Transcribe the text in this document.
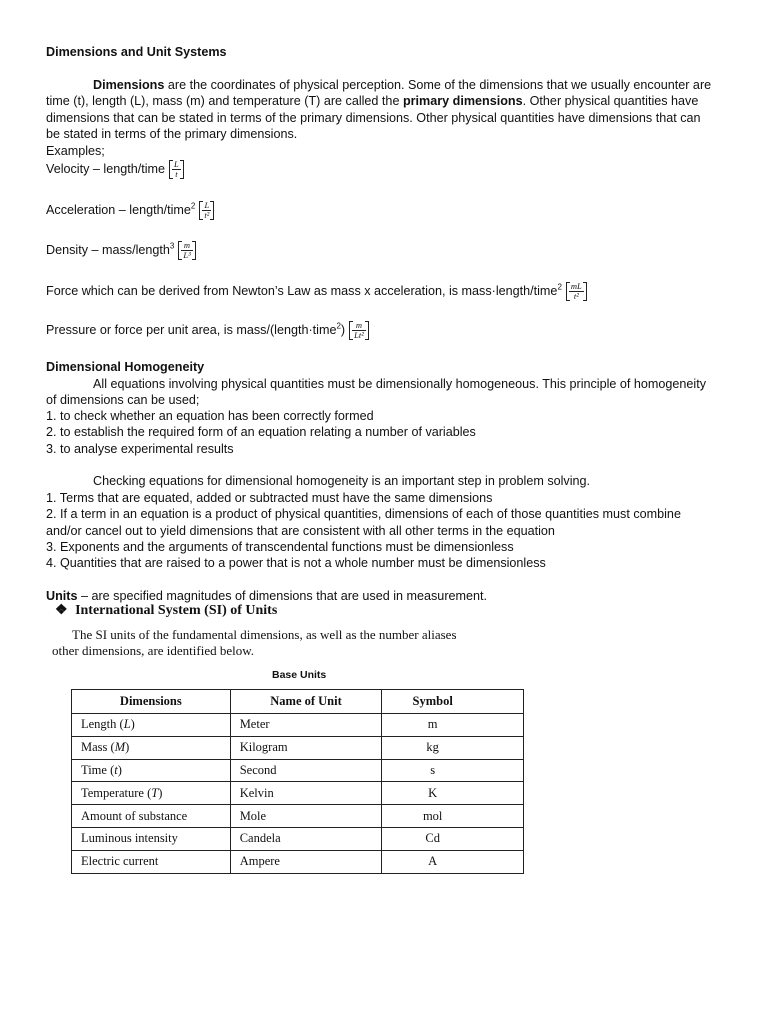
Dimensions and Unit Systems
Dimensions are the coordinates of physical perception. Some of the dimensions that we usually encounter are time (t), length (L), mass (m) and temperature (T) are called the primary dimensions. Other physical quantities have dimensions that can be stated in terms of the primary dimensions. Other physical quantities have dimensions that can be stated in terms of the primary dimensions.
Examples;
Velocity – length/time $\frac{L}{t}$
Acceleration – length/time$^2$ $\frac{L}{\text{t²}}$
Density – mass/length$^3$ $\frac{m}{\text{L³}}$
Force which can be derived from Newton’s Law as mass x acceleration, is mass·length/time$^2$ $\frac{mL}{\text{t²}}$
Pressure or force per unit area, is mass/(length·time$^2$) $\frac{m}{\text{Lt²}}$
Dimensional Homogeneity
All equations involving physical quantities must be dimensionally homogeneous. This principle of homogeneity of dimensions can be used;
1. to check whether an equation has been correctly formed
2. to establish the required form of an equation relating a number of variables
3. to analyse experimental results
Checking equations for dimensional homogeneity is an important step in problem solving.
1. Terms that are equated, added or subtracted must have the same dimensions
2. If a term in an equation is a product of physical quantities, dimensions of each of those quantities must combine and/or cancel out to yield dimensions that are consistent with all other terms in the equation
3. Exponents and the arguments of transcendental functions must be dimensionless
4. Quantities that are raised to a power that is not a whole number must be dimensionless
Units – are specified magnitudes of dimensions that are used in measurement.
❖ International System (SI) of Units
The SI units of the fundamental dimensions, as well as the number aliases
other dimensions, are identified below.
Base Units
Dimensions	Name of Unit	Symbol
Length (L)	Meter	m
Mass (M)	Kilogram	kg
Time (t)	Second	s
Temperature (T)	Kelvin	K
Amount of substance	Mole	mol
Luminous intensity	Candela	Cd
Electric current	Ampere	A
